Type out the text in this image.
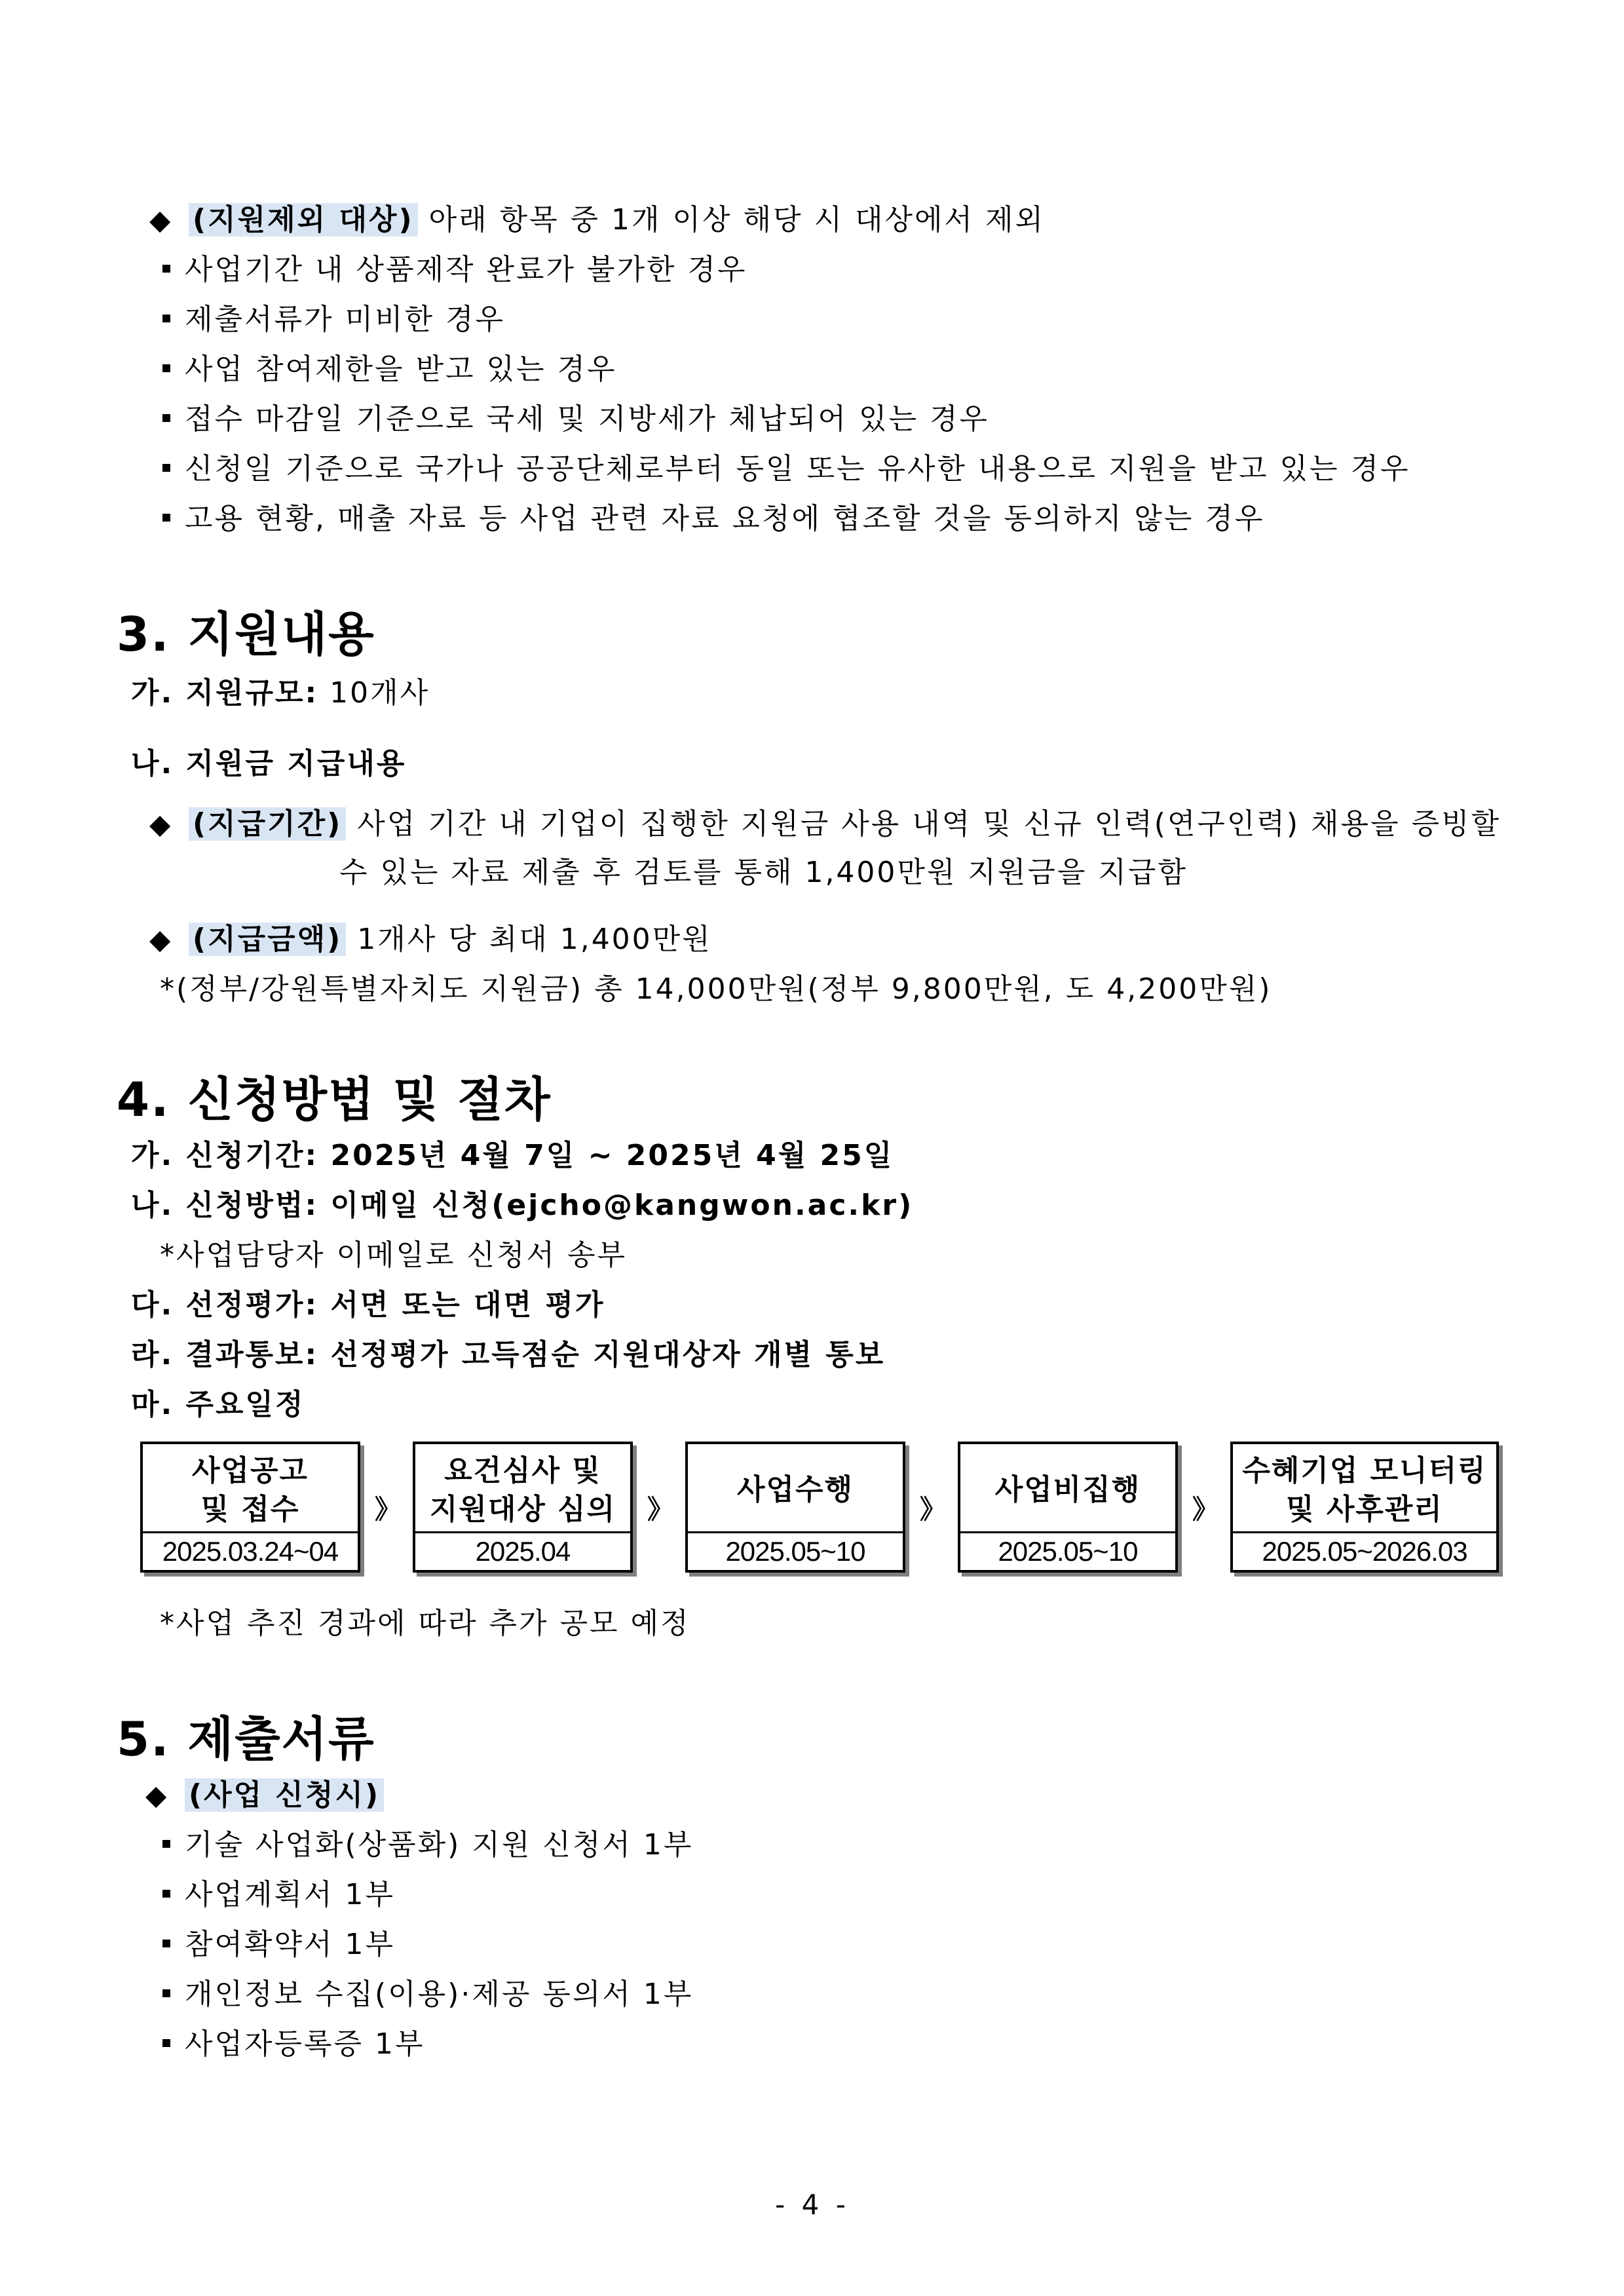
◆ (지원제외 대상) 아래 항목 중 1개 이상 해당 시 대상에서 제외
사업기간 내 상품제작 완료가 불가한 경우
제출서류가 미비한 경우
사업 참여제한을 받고 있는 경우
접수 마감일 기준으로 국세 및 지방세가 체납되어 있는 경우
신청일 기준으로 국가나 공공단체로부터 동일 또는 유사한 내용으로 지원을 받고 있는 경우
고용 현황, 매출 자료 등 사업 관련 자료 요청에 협조할 것을 동의하지 않는 경우
3. 지원내용
가. 지원규모: 10개사
나. 지원금 지급내용
◆ (지급기간) 사업 기간 내 기업이 집행한 지원금 사용 내역 및 신규 인력(연구인력) 채용을 증빙할
수 있는 자료 제출 후 검토를 통해 1,400만원 지원금을 지급함
◆ (지급금액) 1개사 당 최대 1,400만원
*(정부/강원특별자치도 지원금) 총 14,000만원(정부 9,800만원, 도 4,200만원)
4. 신청방법 및 절차
가. 신청기간: 2025년 4월 7일 ~ 2025년 4월 25일
나. 신청방법: 이메일 신청(ejcho@kangwon.ac.kr)
*사업담당자 이메일로 신청서 송부
다. 선정평가: 서면 또는 대면 평가
라. 결과통보: 선정평가 고득점순 지원대상자 개별 통보
마. 주요일정
사업공고
및 접수
2025.03.24~04
》
요건심사 및
지원대상 심의
2025.04
》
사업수행
2025.05~10
》
사업비집행
2025.05~10
》
수혜기업 모니터링
및 사후관리
2025.05~2026.03
*사업 추진 경과에 따라 추가 공모 예정
5. 제출서류
◆ (사업 신청시)
기술 사업화(상품화) 지원 신청서 1부
사업계획서 1부
참여확약서 1부
개인정보 수집(이용)·제공 동의서 1부
사업자등록증 1부
- 4 -
